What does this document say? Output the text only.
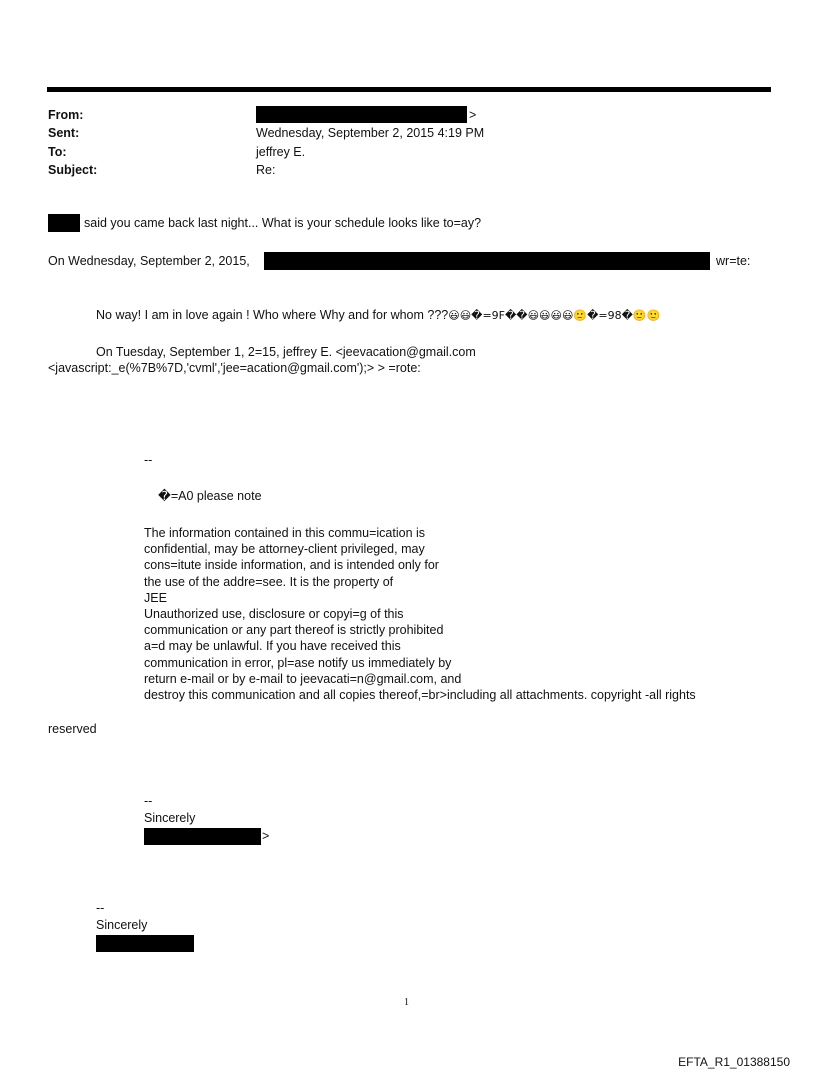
From:	>
Sent:	Wednesday, September 2, 2015 4:19 PM
To:	jeffrey E.
Subject:	Re:
said you came back last night... What is your schedule looks like to=ay?
On Wednesday, September 2, 2015,	wr=te:
No way! I am in love again ! Who where Why and for whom ???😃😃�=9F��😃😃😃😃🙂�=98�🙂🙂
On Tuesday, September 1, 2=15, jeffrey E. <jeevacation@gmail.com
<javascript:_e(%7B%7D,'cvml','jee=acation@gmail.com');> > =rote:
--
�=A0 please note
The information contained in this commu=ication is
confidential, may be attorney-client privileged, may
cons=itute inside information, and is intended only for
the use of the addre=see. It is the property of
JEE
Unauthorized use, disclosure or copyi=g of this
communication or any part thereof is strictly prohibited
a=d may be unlawful. If you have received this
communication in error, pl=ase notify us immediately by
return e-mail or by e-mail to jeevacati=n@gmail.com, and
destroy this communication and all copies thereof,=br>including all attachments. copyright -all rights
reserved
--
Sincerely
>
--
Sincerely
1
EFTA_R1_01388150
